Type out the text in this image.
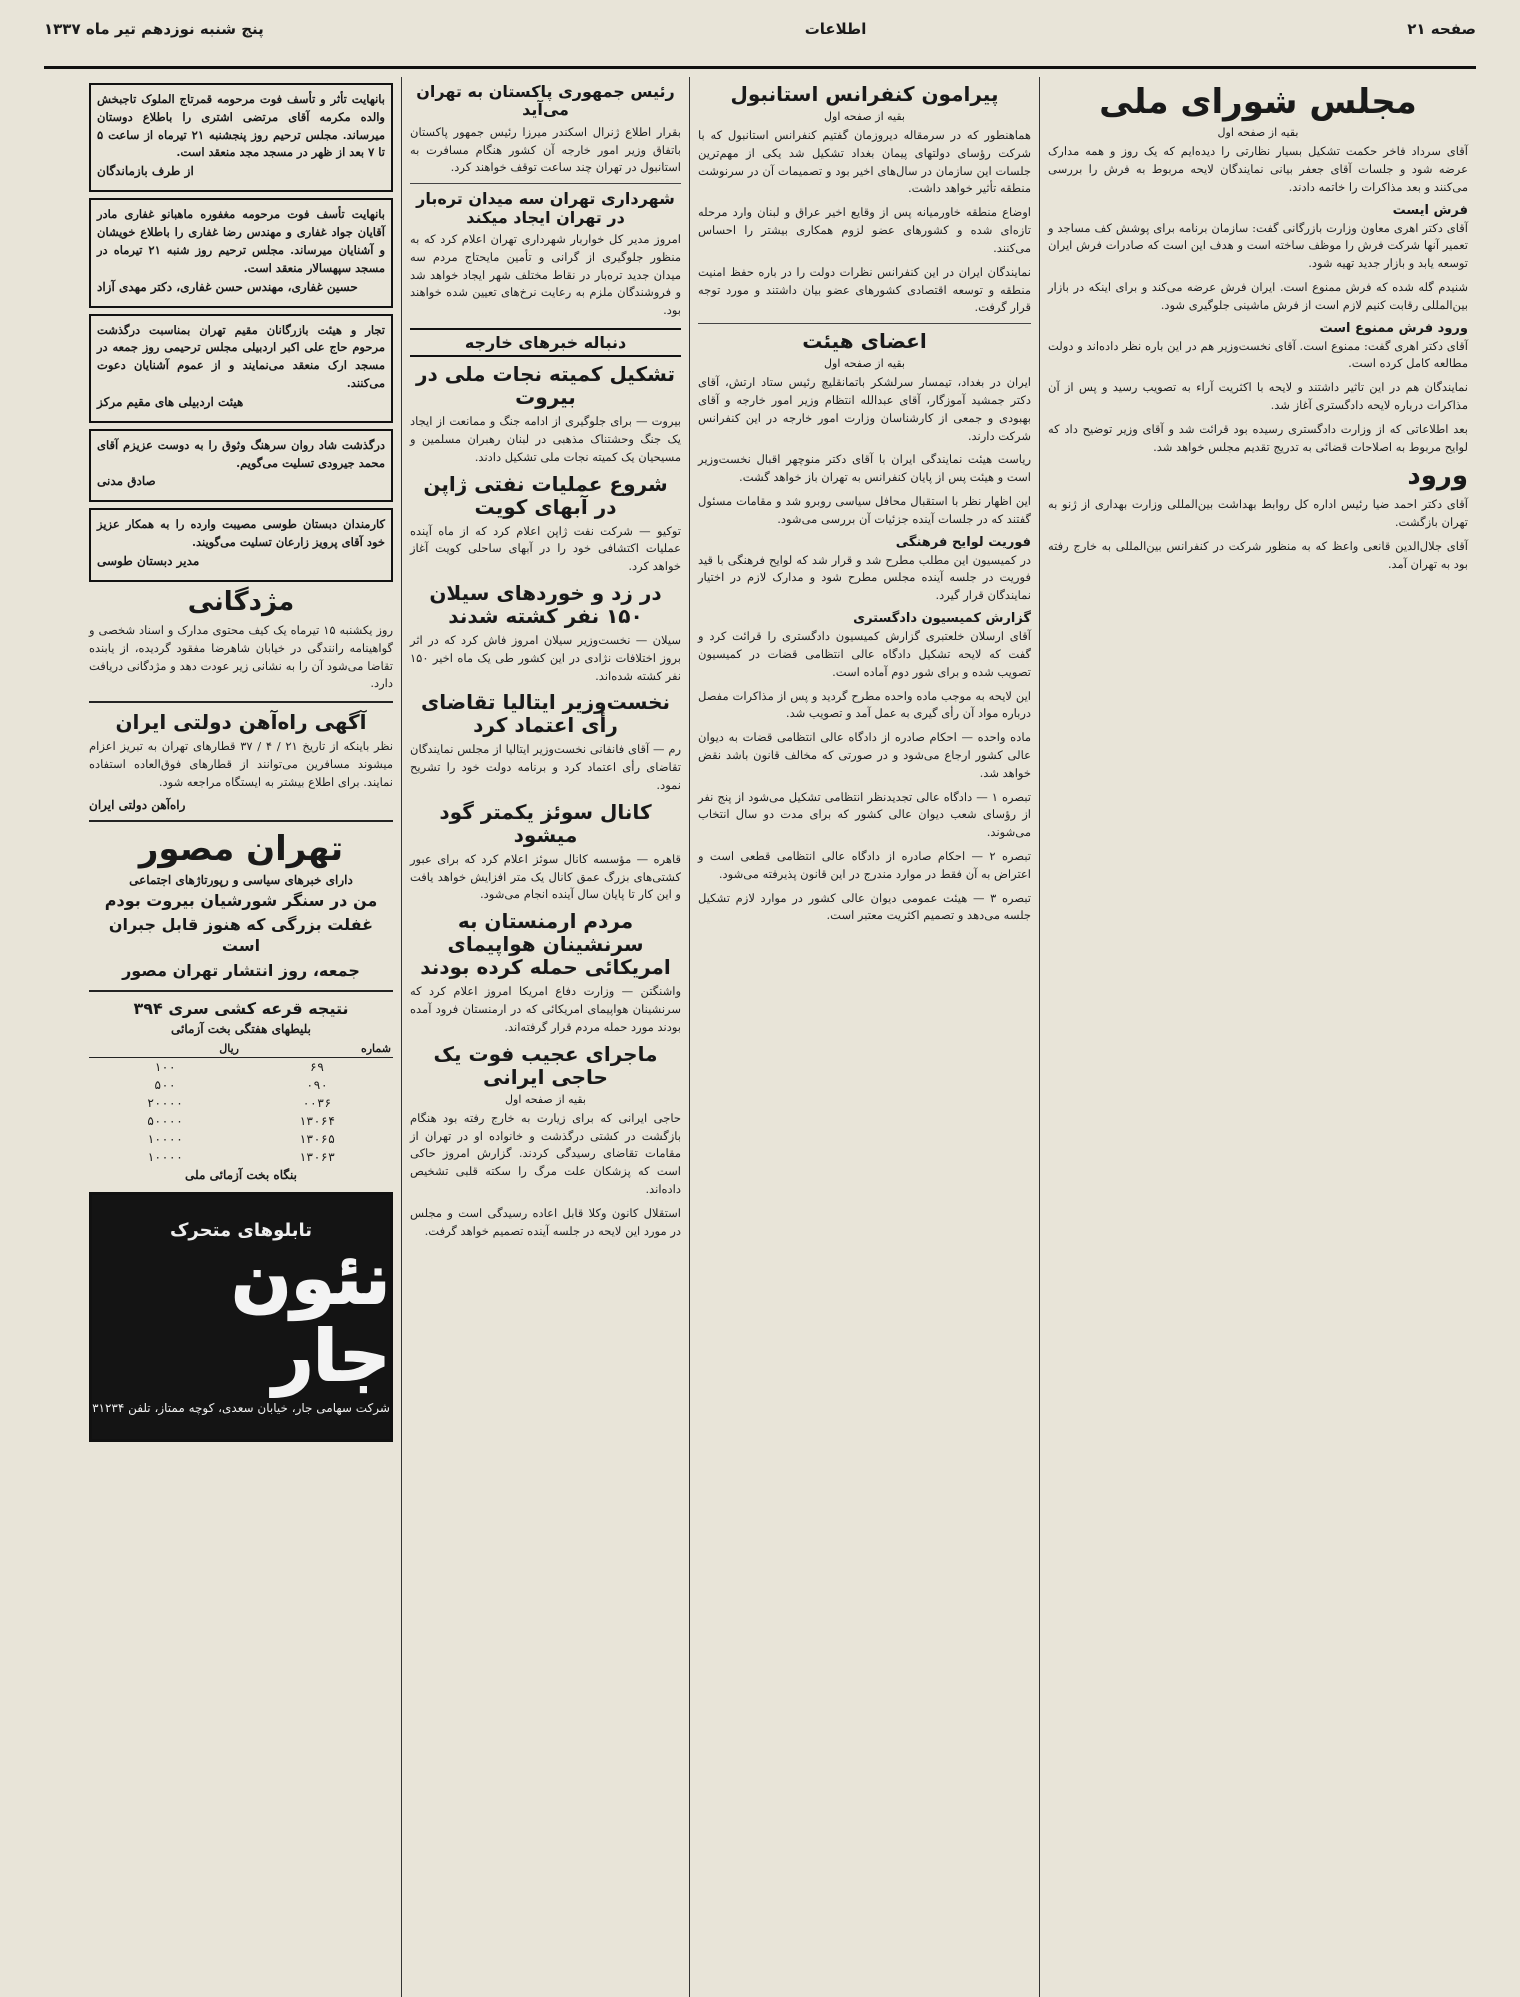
صفحه ۲۱
اطلاعات
پنج شنبه نوزدهم تیر ماه ۱۳۳۷
مجلس شورای ملی
بقیه از صفحه اول

آقای سرداد فاخر حکمت تشکیل بسیار نظارتی را دیده‌ایم که یک روز و همه مدارک عرضه شود و جلسات آقای جعفر بیانی نمایندگان لایحه مربوط به فرش را بررسی می‌کنند و بعد مذاکرات را خاتمه دادند.

فرش ایست

آقای دکتر اهری معاون وزارت بازرگانی گفت: سازمان برنامه برای پوشش کف مساجد و تعمیر آنها شرکت فرش را موظف ساخته است و هدف این است که صادرات فرش ایران توسعه یابد و بازار جدید تهیه شود.

شنیدم گله شده که فرش ممنوع است. ایران فرش عرضه می‌کند و برای اینکه در بازار بین‌المللی رقابت کنیم لازم است از فرش ماشینی جلوگیری شود.

ورود فرش ممنوع است

آقای دکتر اهری گفت: ممنوع است. آقای نخست‌وزیر هم در این باره نظر داده‌اند و دولت مطالعه کامل کرده است.

نمایندگان هم در این تاثیر داشتند و لایحه با اکثریت آراء به تصویب رسید و پس از آن مذاکرات درباره لایحه دادگستری آغاز شد.

بعد اطلاعاتی که از وزارت دادگستری رسیده بود قرائت شد و آقای وزیر توضیح داد که لوایح مربوط به اصلاحات قضائی به تدریج تقدیم مجلس خواهد شد.

ورود

آقای دکتر احمد ضیا رئیس اداره کل روابط بهداشت بین‌المللی وزارت بهداری از ژنو به تهران بازگشت.

آقای جلال‌الدین قانعی واعظ که به منظور شرکت در کنفرانس بین‌المللی به خارج رفته بود به تهران آمد.

پیرامون کنفرانس استانبول
بقیه از صفحه اول

هماهنطور که در سرمقاله دیروزمان گفتیم کنفرانس استانبول که با شرکت رؤسای دولتهای پیمان بغداد تشکیل شد یکی از مهم‌ترین جلسات این سازمان در سال‌های اخیر بود و تصمیمات آن در سرنوشت منطقه تأثیر خواهد داشت.

اوضاع منطقه خاورمیانه پس از وقایع اخیر عراق و لبنان وارد مرحله تازه‌ای شده و کشورهای عضو لزوم همکاری بیشتر را احساس می‌کنند.

نمایندگان ایران در این کنفرانس نظرات دولت را در باره حفظ امنیت منطقه و توسعه اقتصادی کشورهای عضو بیان داشتند و مورد توجه قرار گرفت.

اعضای هیئت
بقیه از صفحه اول

ایران در بغداد، تیمسار سرلشکر باتمانقلیچ رئیس ستاد ارتش، آقای دکتر جمشید آموزگار، آقای عبدالله انتظام وزیر امور خارجه و آقای بهبودی و جمعی از کارشناسان وزارت امور خارجه در این کنفرانس شرکت دارند.

ریاست هیئت نمایندگی ایران با آقای دکتر منوچهر اقبال نخست‌وزیر است و هیئت پس از پایان کنفرانس به تهران باز خواهد گشت.

این اظهار نظر با استقبال محافل سیاسی روبرو شد و مقامات مسئول گفتند که در جلسات آینده جزئیات آن بررسی می‌شود.

فوریت لوایح فرهنگی

در کمیسیون این مطلب مطرح شد و قرار شد که لوایح فرهنگی با قید فوریت در جلسه آینده مجلس مطرح شود و مدارک لازم در اختیار نمایندگان قرار گیرد.

گزارش کمیسیون دادگستری

آقای ارسلان خلعتبری گزارش کمیسیون دادگستری را قرائت کرد و گفت که لایحه تشکیل دادگاه عالی انتظامی قضات در کمیسیون تصویب شده و برای شور دوم آماده است.

این لایحه به موجب ماده واحده مطرح گردید و پس از مذاکرات مفصل درباره مواد آن رأی گیری به عمل آمد و تصویب شد.

ماده واحده — احکام صادره از دادگاه عالی انتظامی قضات به دیوان عالی کشور ارجاع می‌شود و در صورتی که مخالف قانون باشد نقض خواهد شد.

تبصره ۱ — دادگاه عالی تجدیدنظر انتظامی تشکیل می‌شود از پنج نفر از رؤسای شعب دیوان عالی کشور که برای مدت دو سال انتخاب می‌شوند.

تبصره ۲ — احکام صادره از دادگاه عالی انتظامی قطعی است و اعتراض به آن فقط در موارد مندرج در این قانون پذیرفته می‌شود.

تبصره ۳ — هیئت عمومی دیوان عالی کشور در موارد لازم تشکیل جلسه می‌دهد و تصمیم اکثریت معتبر است.

رئیس جمهوری پاکستان به تهران می‌آید

بقرار اطلاع ژنرال اسکندر میرزا رئیس جمهور پاکستان باتفاق وزیر امور خارجه آن کشور هنگام مسافرت به استانبول در تهران چند ساعت توقف خواهند کرد.

شهرداری تهران سه میدان تره‌بار در تهران ایجاد میکند

امروز مدیر کل خواربار شهرداری تهران اعلام کرد که به منظور جلوگیری از گرانی و تأمین مایحتاج مردم سه میدان جدید تره‌بار در نقاط مختلف شهر ایجاد خواهد شد و فروشندگان ملزم به رعایت نرخ‌های تعیین شده خواهند بود.

دنباله خبرهای خارجه
تشکیل کمیته نجات ملی در بیروت

بیروت — برای جلوگیری از ادامه جنگ و ممانعت از ایجاد یک جنگ وحشتناک مذهبی در لبنان رهبران مسلمین و مسیحیان یک کمیته نجات ملی تشکیل دادند.

شروع عملیات نفتی ژاپن در آبهای کویت

توکیو — شرکت نفت ژاپن اعلام کرد که از ماه آینده عملیات اکتشافی خود را در آبهای ساحلی کویت آغاز خواهد کرد.

در زد و خوردهای سیلان ۱۵۰ نفر کشته شدند

سیلان — نخست‌وزیر سیلان امروز فاش کرد که در اثر بروز اختلافات نژادی در این کشور طی یک ماه اخیر ۱۵۰ نفر کشته شده‌اند.

نخست‌وزیر ایتالیا تقاضای رأی اعتماد کرد

رم — آقای فانفانی نخست‌وزیر ایتالیا از مجلس نمایندگان تقاضای رأی اعتماد کرد و برنامه دولت خود را تشریح نمود.

کانال سوئز یکمتر گود میشود

قاهره — مؤسسه کانال سوئز اعلام کرد که برای عبور کشتی‌های بزرگ عمق کانال یک متر افزایش خواهد یافت و این کار تا پایان سال آینده انجام می‌شود.

مردم ارمنستان به سرنشینان هواپیمای امریکائی حمله کرده بودند

واشنگتن — وزارت دفاع امریکا امروز اعلام کرد که سرنشینان هواپیمای امریکائی که در ارمنستان فرود آمده بودند مورد حمله مردم قرار گرفته‌اند.

ماجرای عجیب فوت یک حاجی ایرانی
بقیه از صفحه اول

حاجی ایرانی که برای زیارت به خارج رفته بود هنگام بازگشت در کشتی درگذشت و خانواده او در تهران از مقامات تقاضای رسیدگی کردند. گزارش امروز حاکی است که پزشکان علت مرگ را سکته قلبی تشخیص داده‌اند.

استقلال کانون وکلا قابل اعاده رسیدگی است و مجلس در مورد این لایحه در جلسه آینده تصمیم خواهد گرفت.

بانهایت تأثر و تأسف فوت مرحومه قمرتاج الملوک تاجبخش والده مکرمه آقای مرتضی اشتری را باطلاع دوستان میرساند. مجلس ترحیم روز پنجشنبه ۲۱ تیرماه از ساعت ۵ تا ۷ بعد از ظهر در مسجد مجد منعقد است.

از طرف بازماندگان

بانهایت تأسف فوت مرحومه مغفوره ماهبانو غفاری مادر آقایان جواد غفاری و مهندس رضا غفاری را باطلاع خویشان و آشنایان میرساند. مجلس ترحیم روز شنبه ۲۱ تیرماه در مسجد سپهسالار منعقد است.

حسین غفاری، مهندس حسن غفاری، دکتر مهدی آزاد

تجار و هیئت بازرگانان مقیم تهران بمناسبت درگذشت مرحوم حاج علی اکبر اردبیلی مجلس ترحیمی روز جمعه در مسجد ارک منعقد می‌نمایند و از عموم آشنایان دعوت می‌کنند.

هیئت اردبیلی های مقیم مرکز

درگذشت شاد روان سرهنگ وثوق را به دوست عزیزم آقای محمد جیرودی تسلیت می‌گویم.

صادق مدنی

کارمندان دبستان طوسی مصیبت وارده را به همکار عزیز خود آقای پرویز زارعان تسلیت می‌گویند.

مدیر دبستان طوسی
مژدگانی

روز یکشنبه ۱۵ تیرماه یک کیف محتوی مدارک و اسناد شخصی و گواهینامه رانندگی در خیابان شاهرضا مفقود گردیده، از یابنده تقاضا می‌شود آن را به نشانی زیر عودت دهد و مژدگانی دریافت دارد.

آگهی راه‌آهن دولتی ایران

نظر باینکه از تاریخ ۲۱ / ۴ / ۳۷ قطارهای تهران به تبریز اعزام میشوند مسافرین می‌توانند از قطارهای فوق‌العاده استفاده نمایند. برای اطلاع بیشتر به ایستگاه مراجعه شود.

راه‌آهن دولتی ایران
تهران مصور
دارای خبرهای سیاسی و رپورتاژهای اجتماعی
من در سنگر شورشیان بیروت بودم
غفلت بزرگی که هنوز قابل جبران است
جمعه، روز انتشار تهران مصور
نتیجه قرعه کشی سری ۳۹۴
بلیطهای هفتگی بخت آزمائی
شماره	ریال
۶۹	۱۰۰
۰۹۰	۵۰۰
۰۰۳۶	۲۰۰۰۰
۱۳۰۶۴	۵۰۰۰۰
۱۳۰۶۵	۱۰۰۰۰
۱۳۰۶۳	۱۰۰۰۰
بنگاه بخت آزمائی ملی
تابلوهای متحرک
نئون جار
شرکت سهامی جار، خیابان سعدی، کوچه ممتاز، تلفن ۳۱۲۳۴
